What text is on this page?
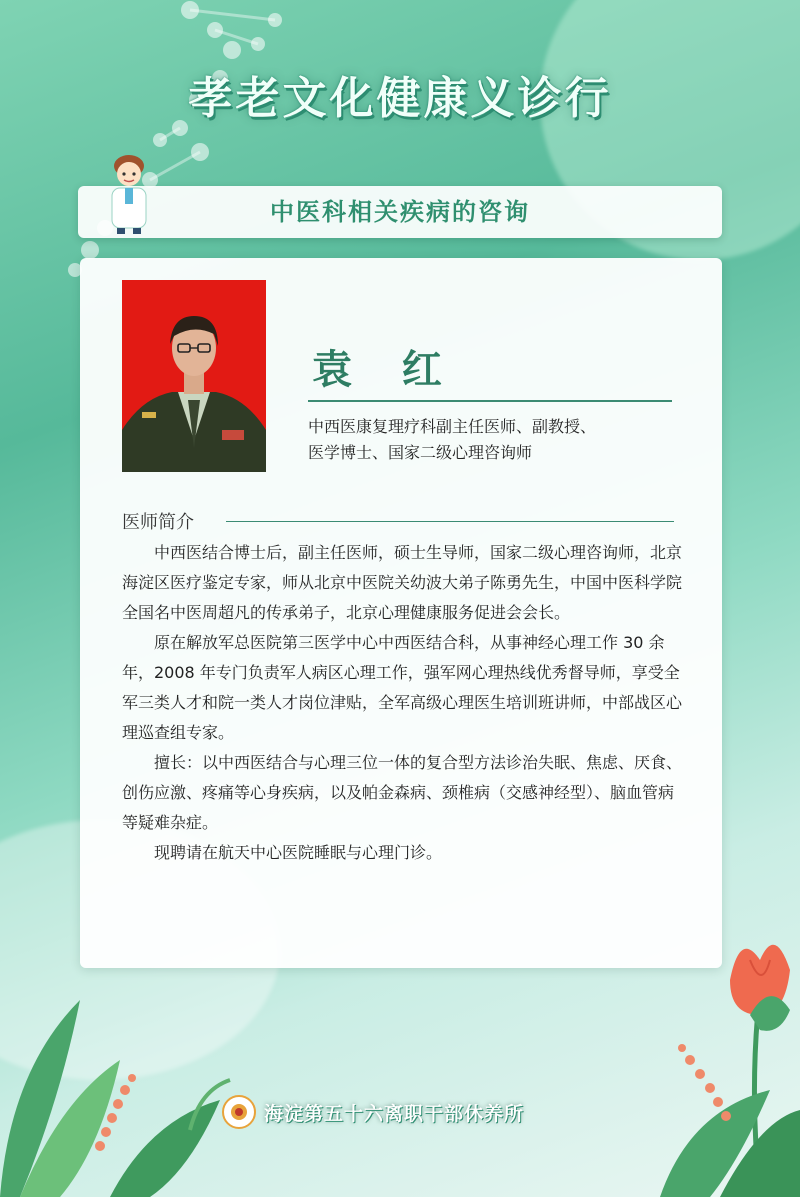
孝老文化健康义诊行
中医科相关疾病的咨询
袁 红
中西医康复理疗科副主任医师、副教授、
医学博士、国家二级心理咨询师
医师简介

中西医结合博士后，副主任医师，硕士生导师，国家二级心理咨询师，北京海淀区医疗鉴定专家，师从北京中医院关幼波大弟子陈勇先生，中国中医科学院全国名中医周超凡的传承弟子，北京心理健康服务促进会会长。

原在解放军总医院第三医学中心中西医结合科，从事神经心理工作 30 余年，2008 年专门负责军人病区心理工作，强军网心理热线优秀督导师，享受全军三类人才和院一类人才岗位津贴，全军高级心理医生培训班讲师，中部战区心理巡查组专家。

擅长：以中西医结合与心理三位一体的复合型方法诊治失眠、焦虑、厌食、创伤应激、疼痛等心身疾病，以及帕金森病、颈椎病（交感神经型）、脑血管病等疑难杂症。

现聘请在航天中心医院睡眠与心理门诊。

海淀第五十六离职干部休养所
